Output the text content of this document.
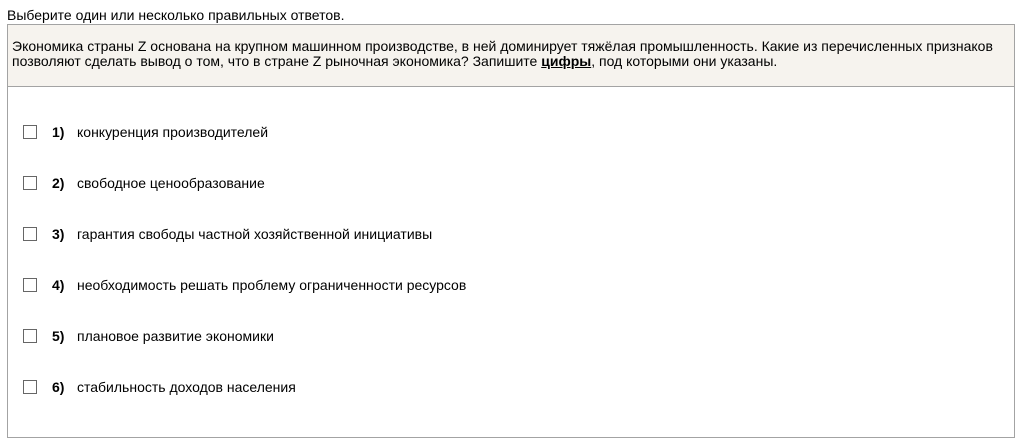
Выберите один или несколько правильных ответов.
Экономика страны Z основана на крупном машинном производстве, в ней доминирует тяжёлая промышленность. Какие из перечисленных признаков позволяют сделать вывод о том, что в стране Z рыночная экономика? Запишите цифры, под которыми они указаны.
1) конкуренция производителей
2) свободное ценообразование
3) гарантия свободы частной хозяйственной инициативы
4) необходимость решать проблему ограниченности ресурсов
5) плановое развитие экономики
6) стабильность доходов населения
